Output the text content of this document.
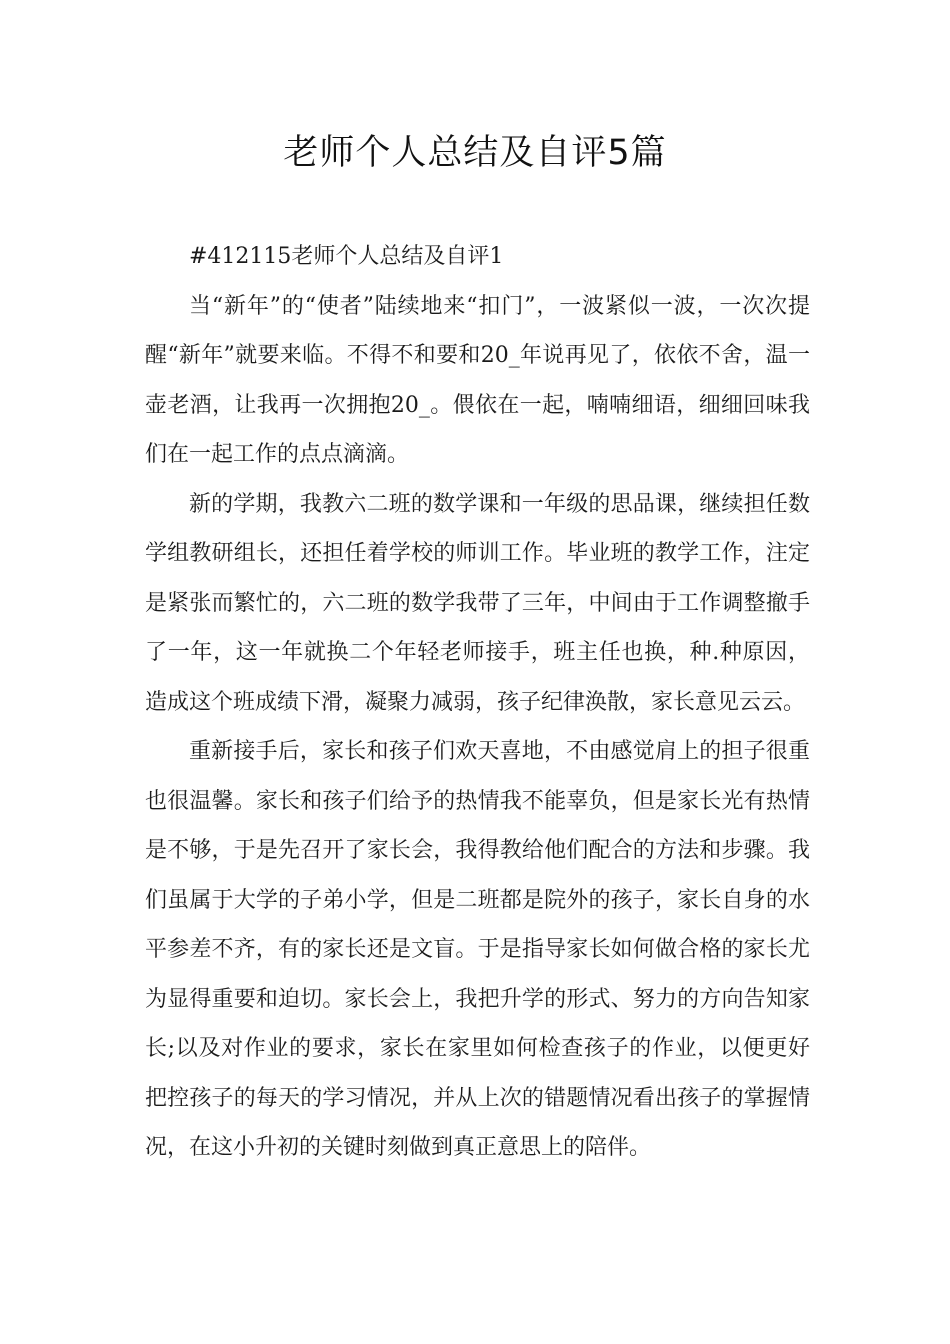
老师个人总结及自评5篇

#412115老师个人总结及自评1

当“新年”的“使者”陆续地来“扣门”，一波紧似一波，一次次提醒“新年”就要来临。不得不和要和20_年说再见了，依依不舍，温一壶老酒，让我再一次拥抱20_。偎依在一起，喃喃细语，细细回味我们在一起工作的点点滴滴。

新的学期，我教六二班的数学课和一年级的思品课，继续担任数学组教研组长，还担任着学校的师训工作。毕业班的教学工作，注定是紧张而繁忙的，六二班的数学我带了三年，中间由于工作调整撤手了一年，这一年就换二个年轻老师接手，班主任也换，种.种原因，造成这个班成绩下滑，凝聚力减弱，孩子纪律涣散，家长意见云云。

重新接手后，家长和孩子们欢天喜地，不由感觉肩上的担子很重也很温馨。家长和孩子们给予的热情我不能辜负，但是家长光有热情是不够，于是先召开了家长会，我得教给他们配合的方法和步骤。我们虽属于大学的子弟小学，但是二班都是院外的孩子，家长自身的水平参差不齐，有的家长还是文盲。于是指导家长如何做合格的家长尤为显得重要和迫切。家长会上，我把升学的形式、努力的方向告知家长;以及对作业的要求，家长在家里如何检查孩子的作业，以便更好把控孩子的每天的学习情况，并从上次的错题情况看出孩子的掌握情况，在这小升初的关键时刻做到真正意思上的陪伴。
